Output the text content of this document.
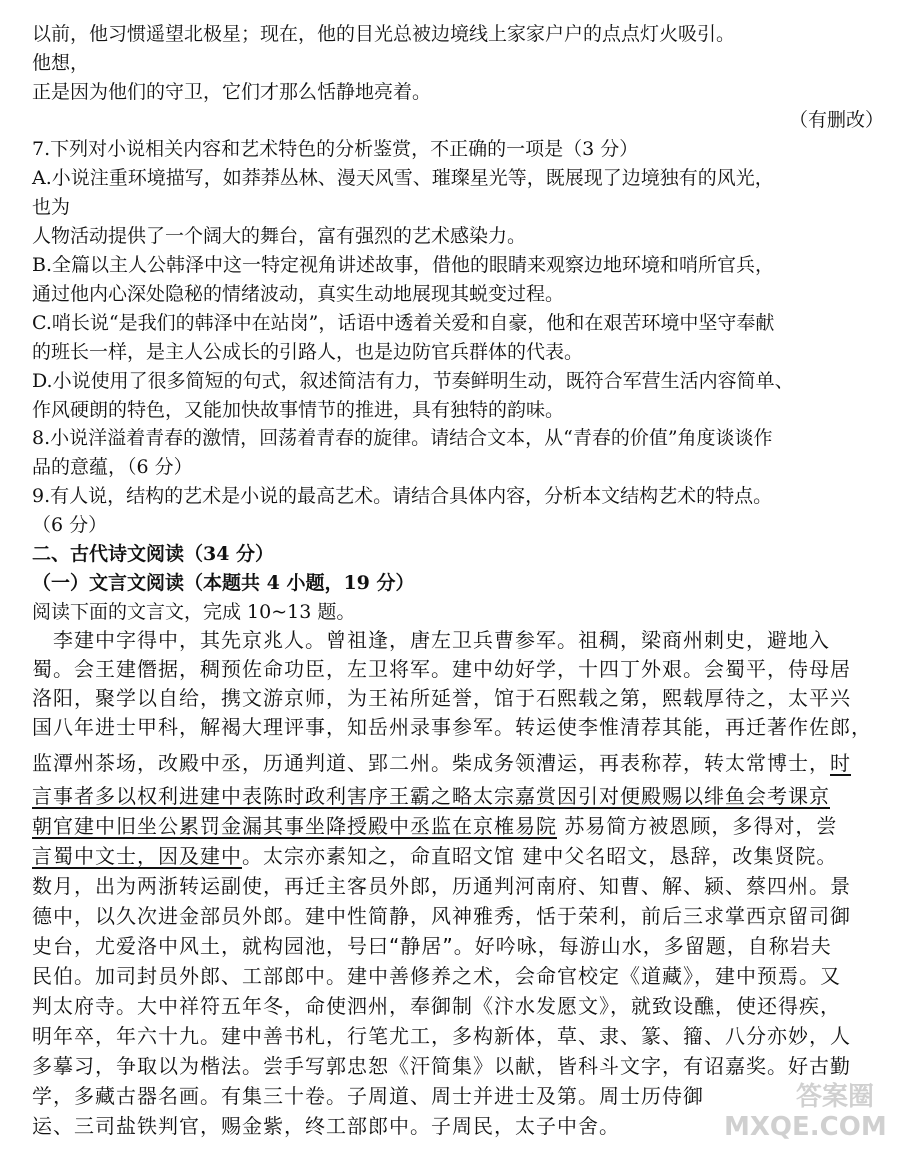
以前，他习惯遥望北极星；现在，他的目光总被边境线上家家户户的点点灯火吸引。
他想，
正是因为他们的守卫，它们才那么恬静地亮着。
（有删改）
7.下列对小说相关内容和艺术特色的分析鉴赏，不正确的一项是（3 分）
A.小说注重环境描写，如莽莽丛林、漫天风雪、璀璨星光等，既展现了边境独有的风光，
也为
人物活动提供了一个阔大的舞台，富有强烈的艺术感染力。
B.全篇以主人公韩泽中这一特定视角讲述故事，借他的眼睛来观察边地环境和哨所官兵，
通过他内心深处隐秘的情绪波动，真实生动地展现其蜕变过程。
C.哨长说“是我们的韩泽中在站岗”，话语中透着关爱和自豪，他和在艰苦环境中坚守奉献
的班长一样，是主人公成长的引路人，也是边防官兵群体的代表。
D.小说使用了很多简短的句式，叙述简洁有力，节奏鲜明生动，既符合军营生活内容简单、
作风硬朗的特色，又能加快故事情节的推进，具有独特的韵味。
8.小说洋溢着青春的激情，回荡着青春的旋律。请结合文本，从“青春的价值”角度谈谈作
品的意蕴，（6 分）
9.有人说，结构的艺术是小说的最高艺术。请结合具体内容，分析本文结构艺术的特点。
（6 分）
二、古代诗文阅读（34 分）
（一）文言文阅读（本题共 4 小题，19 分）
阅读下面的文言文，完成 10~13 题。
　李建中字得中，其先京兆人。曾祖逢，唐左卫兵曹参军。祖稠，梁商州刺史，避地入
蜀。会王建僭据，稠预佐命功臣，左卫将军。建中幼好学，十四丁外艰。会蜀平，侍母居
洛阳，聚学以自给，携文游京师，为王祐所延誉，馆于石熙载之第，熙载厚待之，太平兴
国八年进士甲科，解褐大理评事，知岳州录事参军。转运使李惟清荐其能，再迁著作佐郎，
监潭州茶场，改殿中丞，历通判道、郢二州。柴成务领漕运，再表称荐，转太常博士，时
言事者多以权利进建中表陈时政利害序王霸之略太宗嘉赏因引对便殿赐以绯鱼会考课京
朝官建中旧坐公累罚金漏其事坐降授殿中丞监在京榷易院 苏易简方被恩顾，多得对，尝
言蜀中文士，因及建中。太宗亦素知之，命直昭文馆 建中父名昭文，恳辞，改集贤院。
数月，出为两浙转运副使，再迁主客员外郎，历通判河南府、知曹、解、颍、蔡四州。景
德中，以久次进金部员外郎。建中性简静，风神雅秀，恬于荣利，前后三求掌西京留司御
史台，尤爱洛中风土，就构园池，号曰“静居”。好吟咏，每游山水，多留题，自称岩夫
民伯。加司封员外郎、工部郎中。建中善修养之术，会命官校定《道藏》，建中预焉。又
判太府寺。大中祥符五年冬，命使泗州，奉御制《汴水发愿文》，就致设醮，使还得疾，
明年卒，年六十九。建中善书札，行笔尤工，多构新体，草、隶、篆、籀、八分亦妙，人
多摹习，争取以为楷法。尝手写郭忠恕《汗简集》以献，皆科斗文字，有诏嘉奖。好古勤
学，多藏古器名画。有集三十卷。子周道、周士并进士及第。周士历侍御
运、三司盐铁判官，赐金紫，终工部郎中。子周民，太子中舍。
答案圈
MXQE.COM
